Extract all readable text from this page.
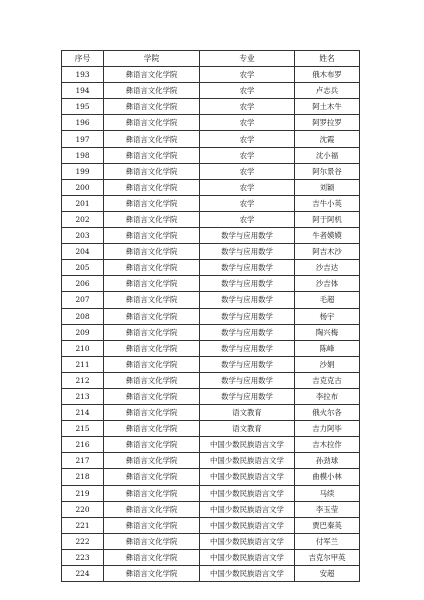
序号	学院	专业	姓名
193	彝语言文化学院	农学	俄木布罗
194	彝语言文化学院	农学	卢志兵
195	彝语言文化学院	农学	阿土木牛
196	彝语言文化学院	农学	阿罗拉罗
197	彝语言文化学院	农学	沈霞
198	彝语言文化学院	农学	沈小福
199	彝语言文化学院	农学	阿尔景谷
200	彝语言文化学院	农学	刘颖
201	彝语言文化学院	农学	吉牛小英
202	彝语言文化学院	农学	阿于阿机
203	彝语言文化学院	数学与应用数学	牛者嫫嫫
204	彝语言文化学院	数学与应用数学	阿吉木沙
205	彝语言文化学院	数学与应用数学	沙吉达
206	彝语言文化学院	数学与应用数学	沙吉体
207	彝语言文化学院	数学与应用数学	毛超
208	彝语言文化学院	数学与应用数学	杨宇
209	彝语言文化学院	数学与应用数学	陶兴梅
210	彝语言文化学院	数学与应用数学	陈峰
211	彝语言文化学院	数学与应用数学	沙娟
212	彝语言文化学院	数学与应用数学	吉克克古
213	彝语言文化学院	数学与应用数学	李拉布
214	彝语言文化学院	语文教育	俄火尔各
215	彝语言文化学院	语文教育	吉力阿毕
216	彝语言文化学院	中国少数民族语言文学	吉木拉作
217	彝语言文化学院	中国少数民族语言文学	孙劲球
218	彝语言文化学院	中国少数民族语言文学	曲模小林
219	彝语言文化学院	中国少数民族语言文学	马续
220	彝语言文化学院	中国少数民族语言文学	李玉莹
221	彝语言文化学院	中国少数民族语言文学	贾巴秦英
222	彝语言文化学院	中国少数民族语言文学	付军兰
223	彝语言文化学院	中国少数民族语言文学	吉克尔甲英
224	彝语言文化学院	中国少数民族语言文学	安超
